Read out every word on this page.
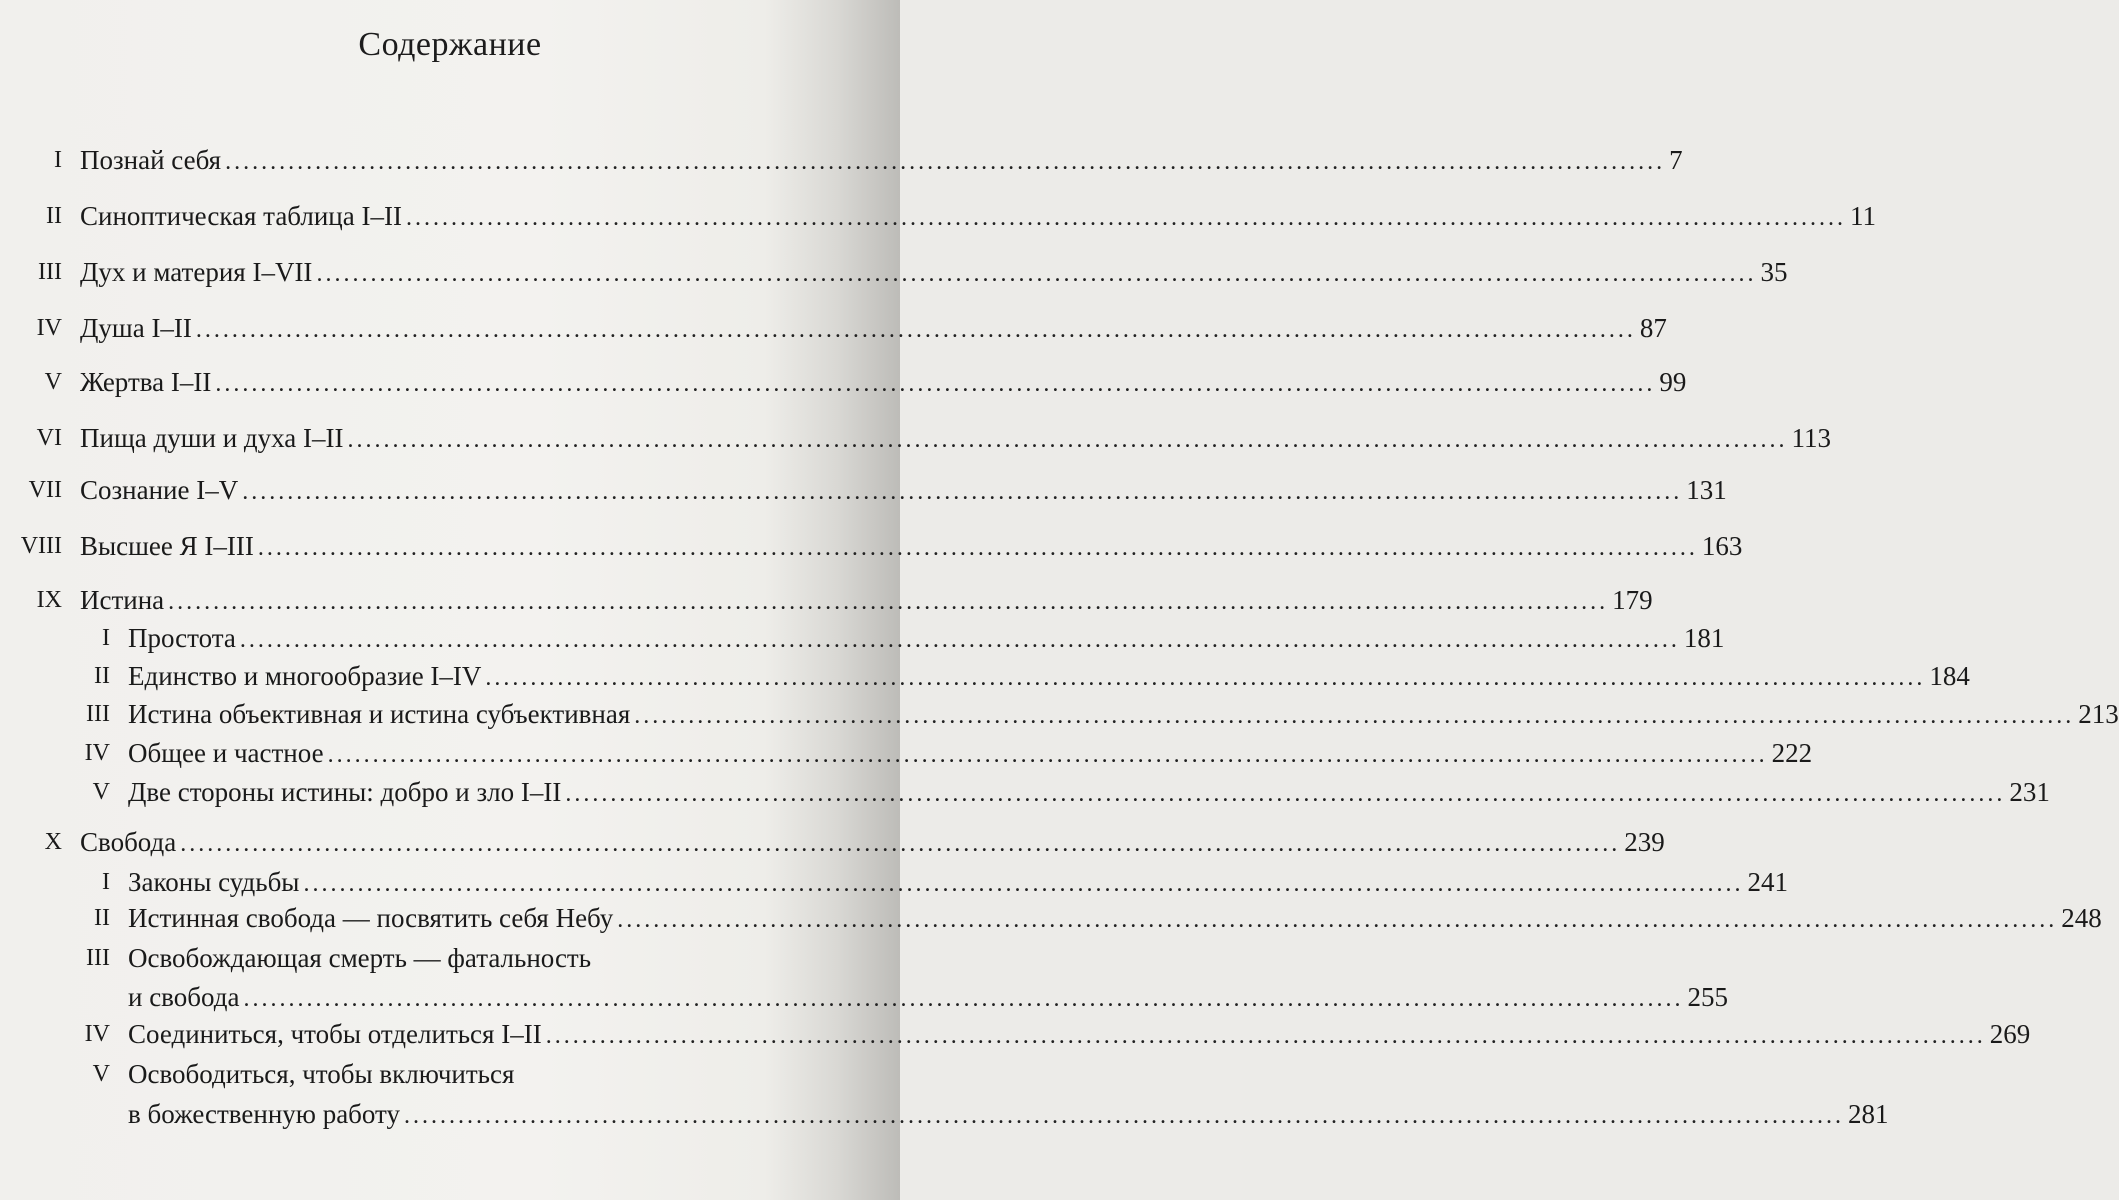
Содержание
I Познай себя ................................................................................................................................................................ 7
II Синоптическая таблица I–II ................................................................................................................................................................ 11
III Дух и материя I–VII ................................................................................................................................................................ 35
IV Душа I–II ................................................................................................................................................................ 87
V Жертва I–II ................................................................................................................................................................ 99
VI Пища души и духа I–II ................................................................................................................................................................ 113
VII Сознание I–V ................................................................................................................................................................ 131
VIII Высшее Я I–III ................................................................................................................................................................ 163
IX Истина ................................................................................................................................................................ 179
I Простота ................................................................................................................................................................ 181
II Единство и многообразие I–IV ................................................................................................................................................................ 184
III Истина объективная и истина субъективная ................................................................................................................................................................ 213
IV Общее и частное ................................................................................................................................................................ 222
V Две стороны истины: добро и зло I–II ................................................................................................................................................................ 231
X Свобода ................................................................................................................................................................ 239
I Законы судьбы ................................................................................................................................................................ 241
II Истинная свобода — посвятить себя Небу ................................................................................................................................................................ 248
III Освобождающая смерть — фатальность
и свобода ................................................................................................................................................................ 255
IV Соединиться, чтобы отделиться I–II ................................................................................................................................................................ 269
V Освободиться, чтобы включиться
в божественную работу ................................................................................................................................................................ 281
